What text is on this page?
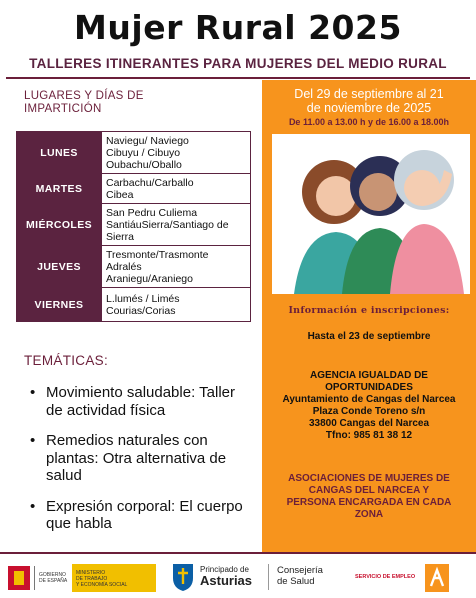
Mujer Rural 2025
TALLERES ITINERANTES PARA MUJERES DEL MEDIO RURAL
LUGARES Y DÍAS DE
IMPARTICIÓN
LUNES	Naviegu/ Naviego
Cibuyu / Cibuyo
Oubachu/Oballo

MARTES	Carbachu/Carballo
Cibea

MIÉRCOLES	San Pedru Culiema
SantiáuSierra/Santiago de
Sierra

JUEVES	Tresmonte/Trasmonte
Adralés
Araniegu/Araniego

VIERNES	L.lumés / Limés
Courias/Corias
TEMÁTICAS:
• Movimiento saludable: Taller de actividad física
• Remedios naturales con plantas: Otra alternativa de salud
• Expresión corporal: El cuerpo que habla
Del 29 de septiembre al 21
de noviembre de 2025
De 11.00 a 13.00 h y de 16.00 a 18.00h
Información e inscripciones:
Hasta el 23 de septiembre
AGENCIA IGUALDAD DE
OPORTUNIDADES
Ayuntamiento de Cangas del Narcea
Plaza Conde Toreno s/n
33800 Cangas del Narcea
Tfno: 985 81 38 12
ASOCIACIONES DE MUJERES DE
CANGAS DEL NARCEA Y
PERSONA ENCARGADA EN CADA
ZONA
GOBIERNO
DE ESPAÑA
MINISTERIO
DE TRABAJO
Y ECONOMÍA SOCIAL
Principado de
Asturias
Consejería
de Salud	SERVICIO DE EMPLEO
